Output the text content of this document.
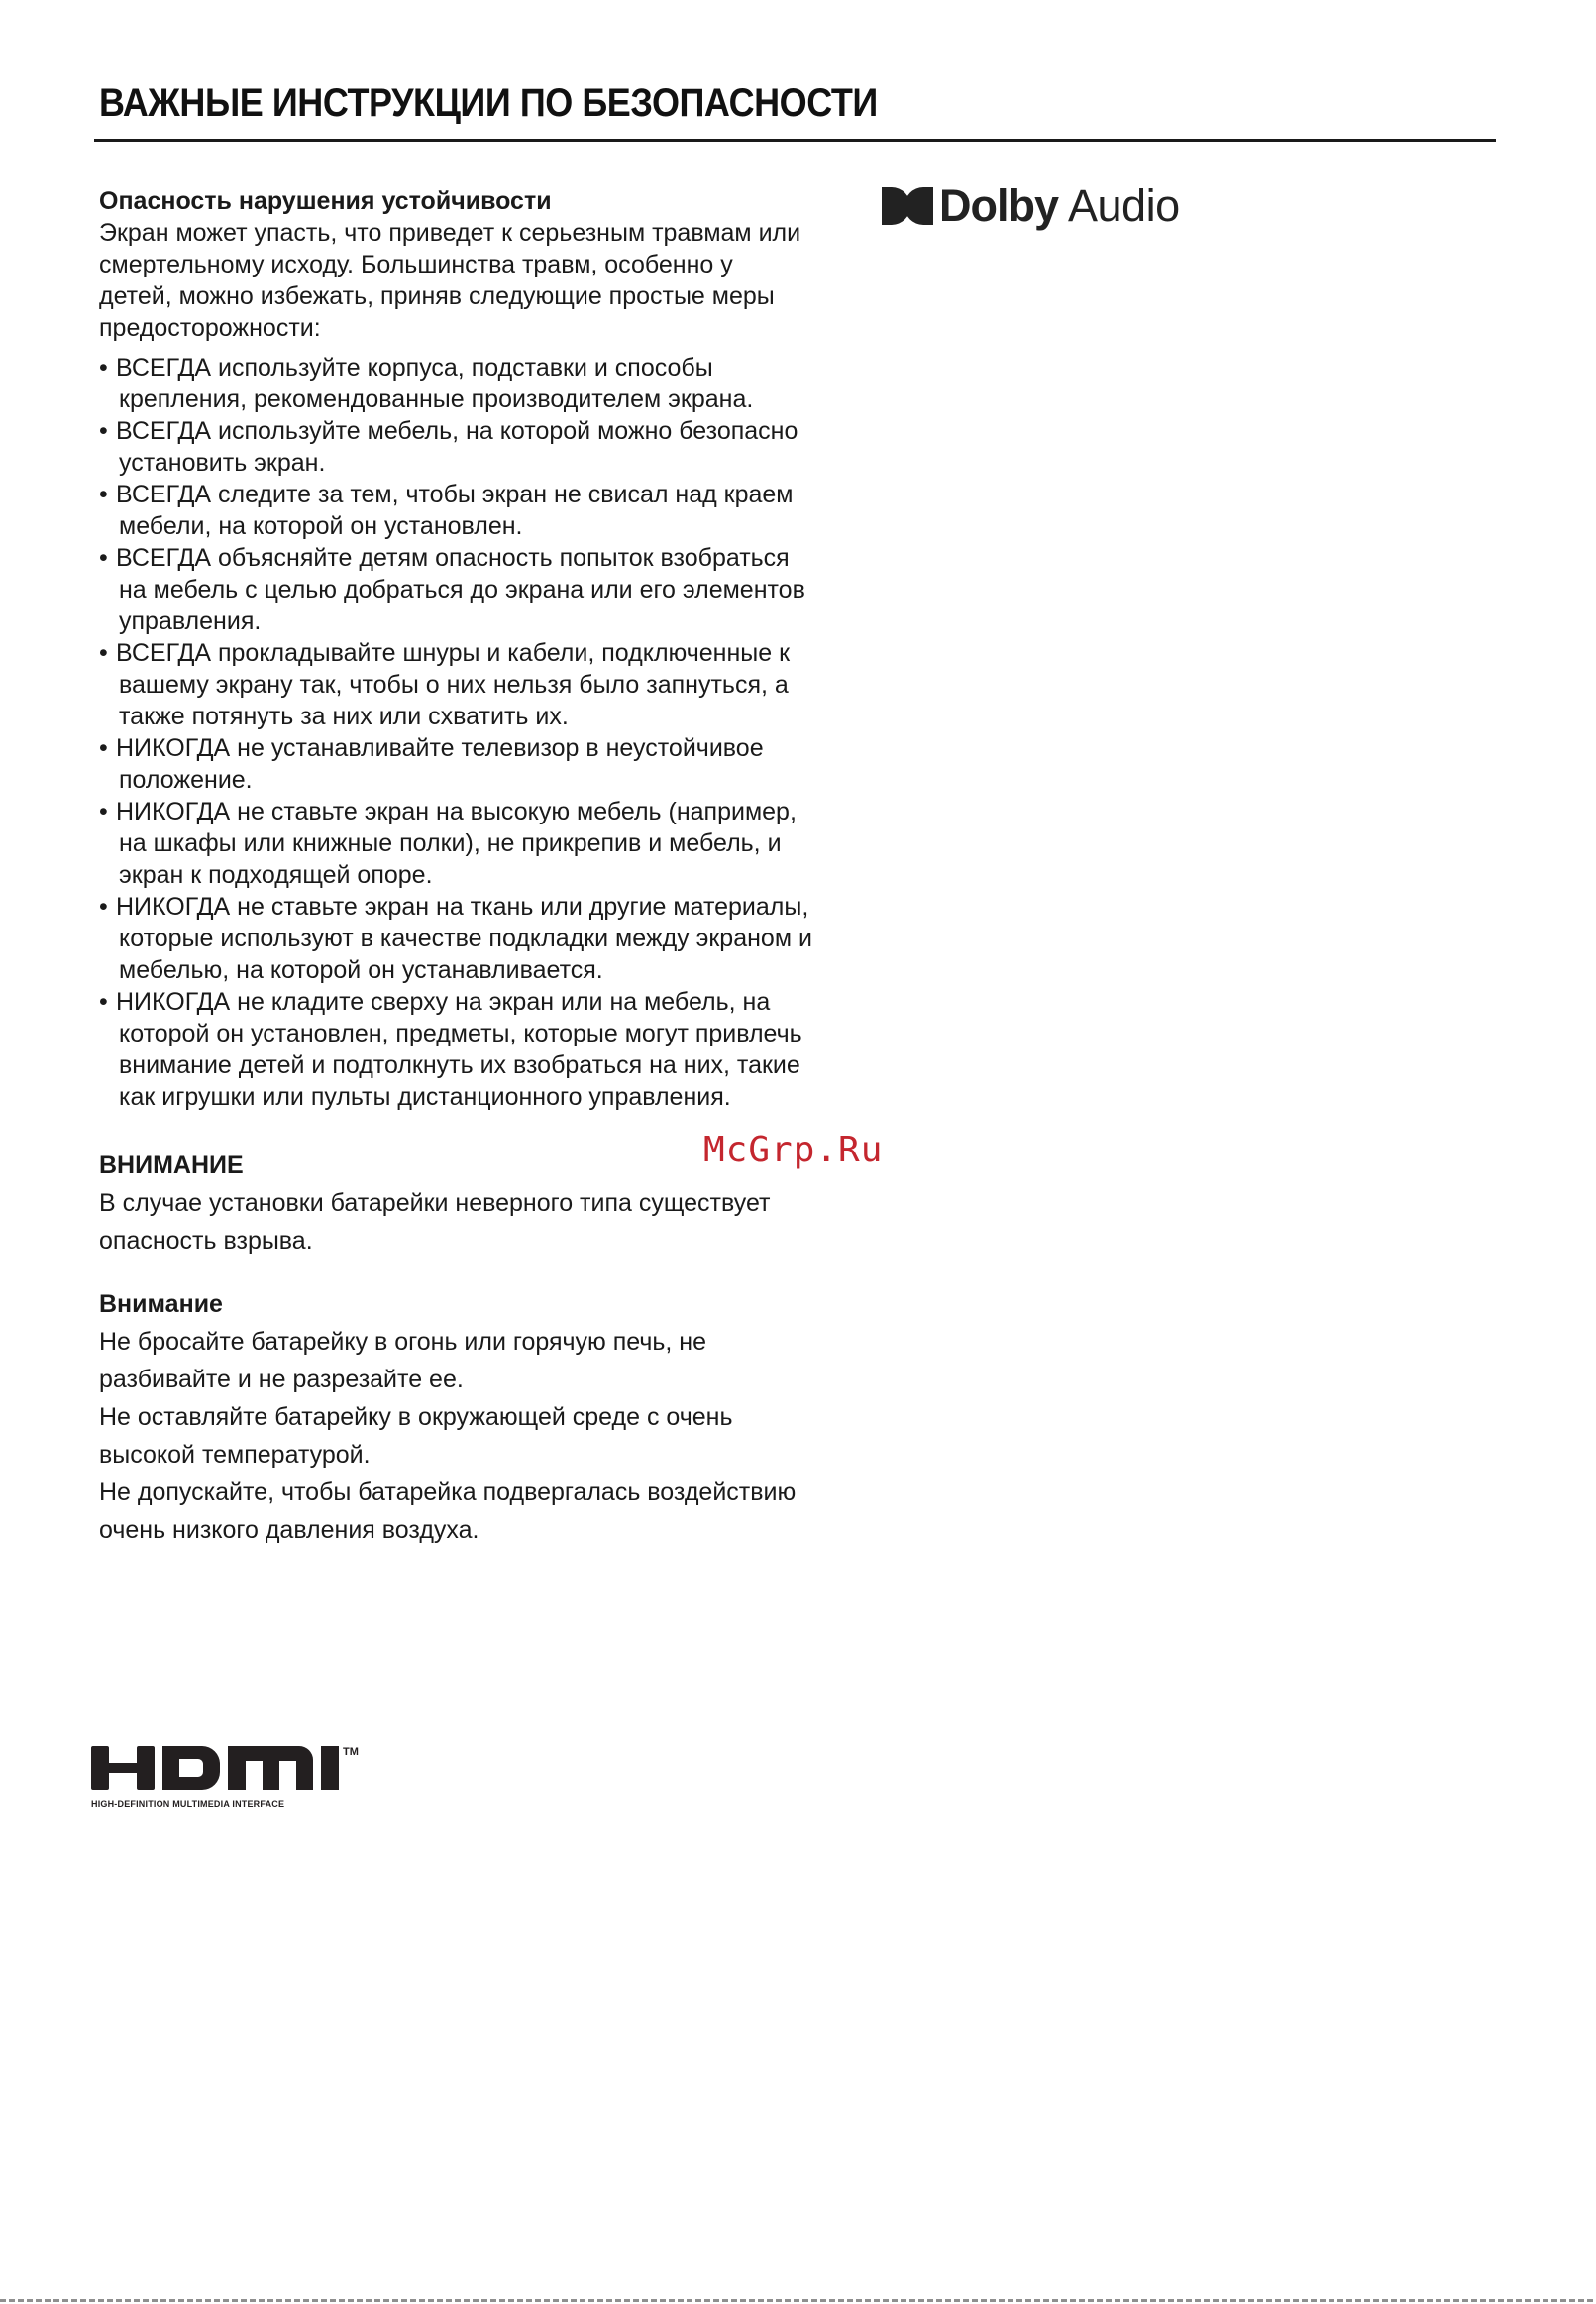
ВАЖНЫЕ ИНСТРУКЦИИ ПО БЕЗОПАСНОСТИ

Опасность нарушения устойчивости

Экран может упасть, что приведет к серьезным травмам или смертельному исходу. Большинства травм, особенно у детей, можно избежать, приняв следующие простые меры предосторожности:

• ВСЕГДА используйте корпуса, подставки и способы крепления, рекомендованные производителем экрана.
• ВСЕГДА используйте мебель, на которой можно безопасно установить экран.
• ВСЕГДА следите за тем, чтобы экран не свисал над краем мебели, на которой он установлен.
• ВСЕГДА объясняйте детям опасность попыток взобраться на мебель с целью добраться до экрана или его элементов управления.
• ВСЕГДА прокладывайте шнуры и кабели, подключенные к вашему экрану так, чтобы о них нельзя было запнуться, а также потянуть за них или схватить их.
• НИКОГДА не устанавливайте телевизор в неустойчивое положение.
• НИКОГДА не ставьте экран на высокую мебель (например, на шкафы или книжные полки), не прикрепив и мебель, и экран к подходящей опоре.
• НИКОГДА не ставьте экран на ткань или другие материалы, которые используют в качестве подкладки между экраном и мебелью, на которой он устанавливается.
• НИКОГДА не кладите сверху на экран или на мебель, на которой он установлен, предметы, которые могут привлечь внимание детей и подтолкнуть их взобраться на них, такие как игрушки или пульты дистанционного управления.

ВНИМАНИЕ

В случае установки батарейки неверного типа существует опасность взрыва.

Внимание

Не бросайте батарейку в огонь или горячую печь, не разбивайте и не разрезайте ее.

Не оставляйте батарейку в окружающей среде с очень высокой температурой.

Не допускайте, чтобы батарейка подвергалась воздействию очень низкого давления воздуха.

Dolby Audio
McGrp.Ru
TM
HIGH-DEFINITION MULTIMEDIA INTERFACE
